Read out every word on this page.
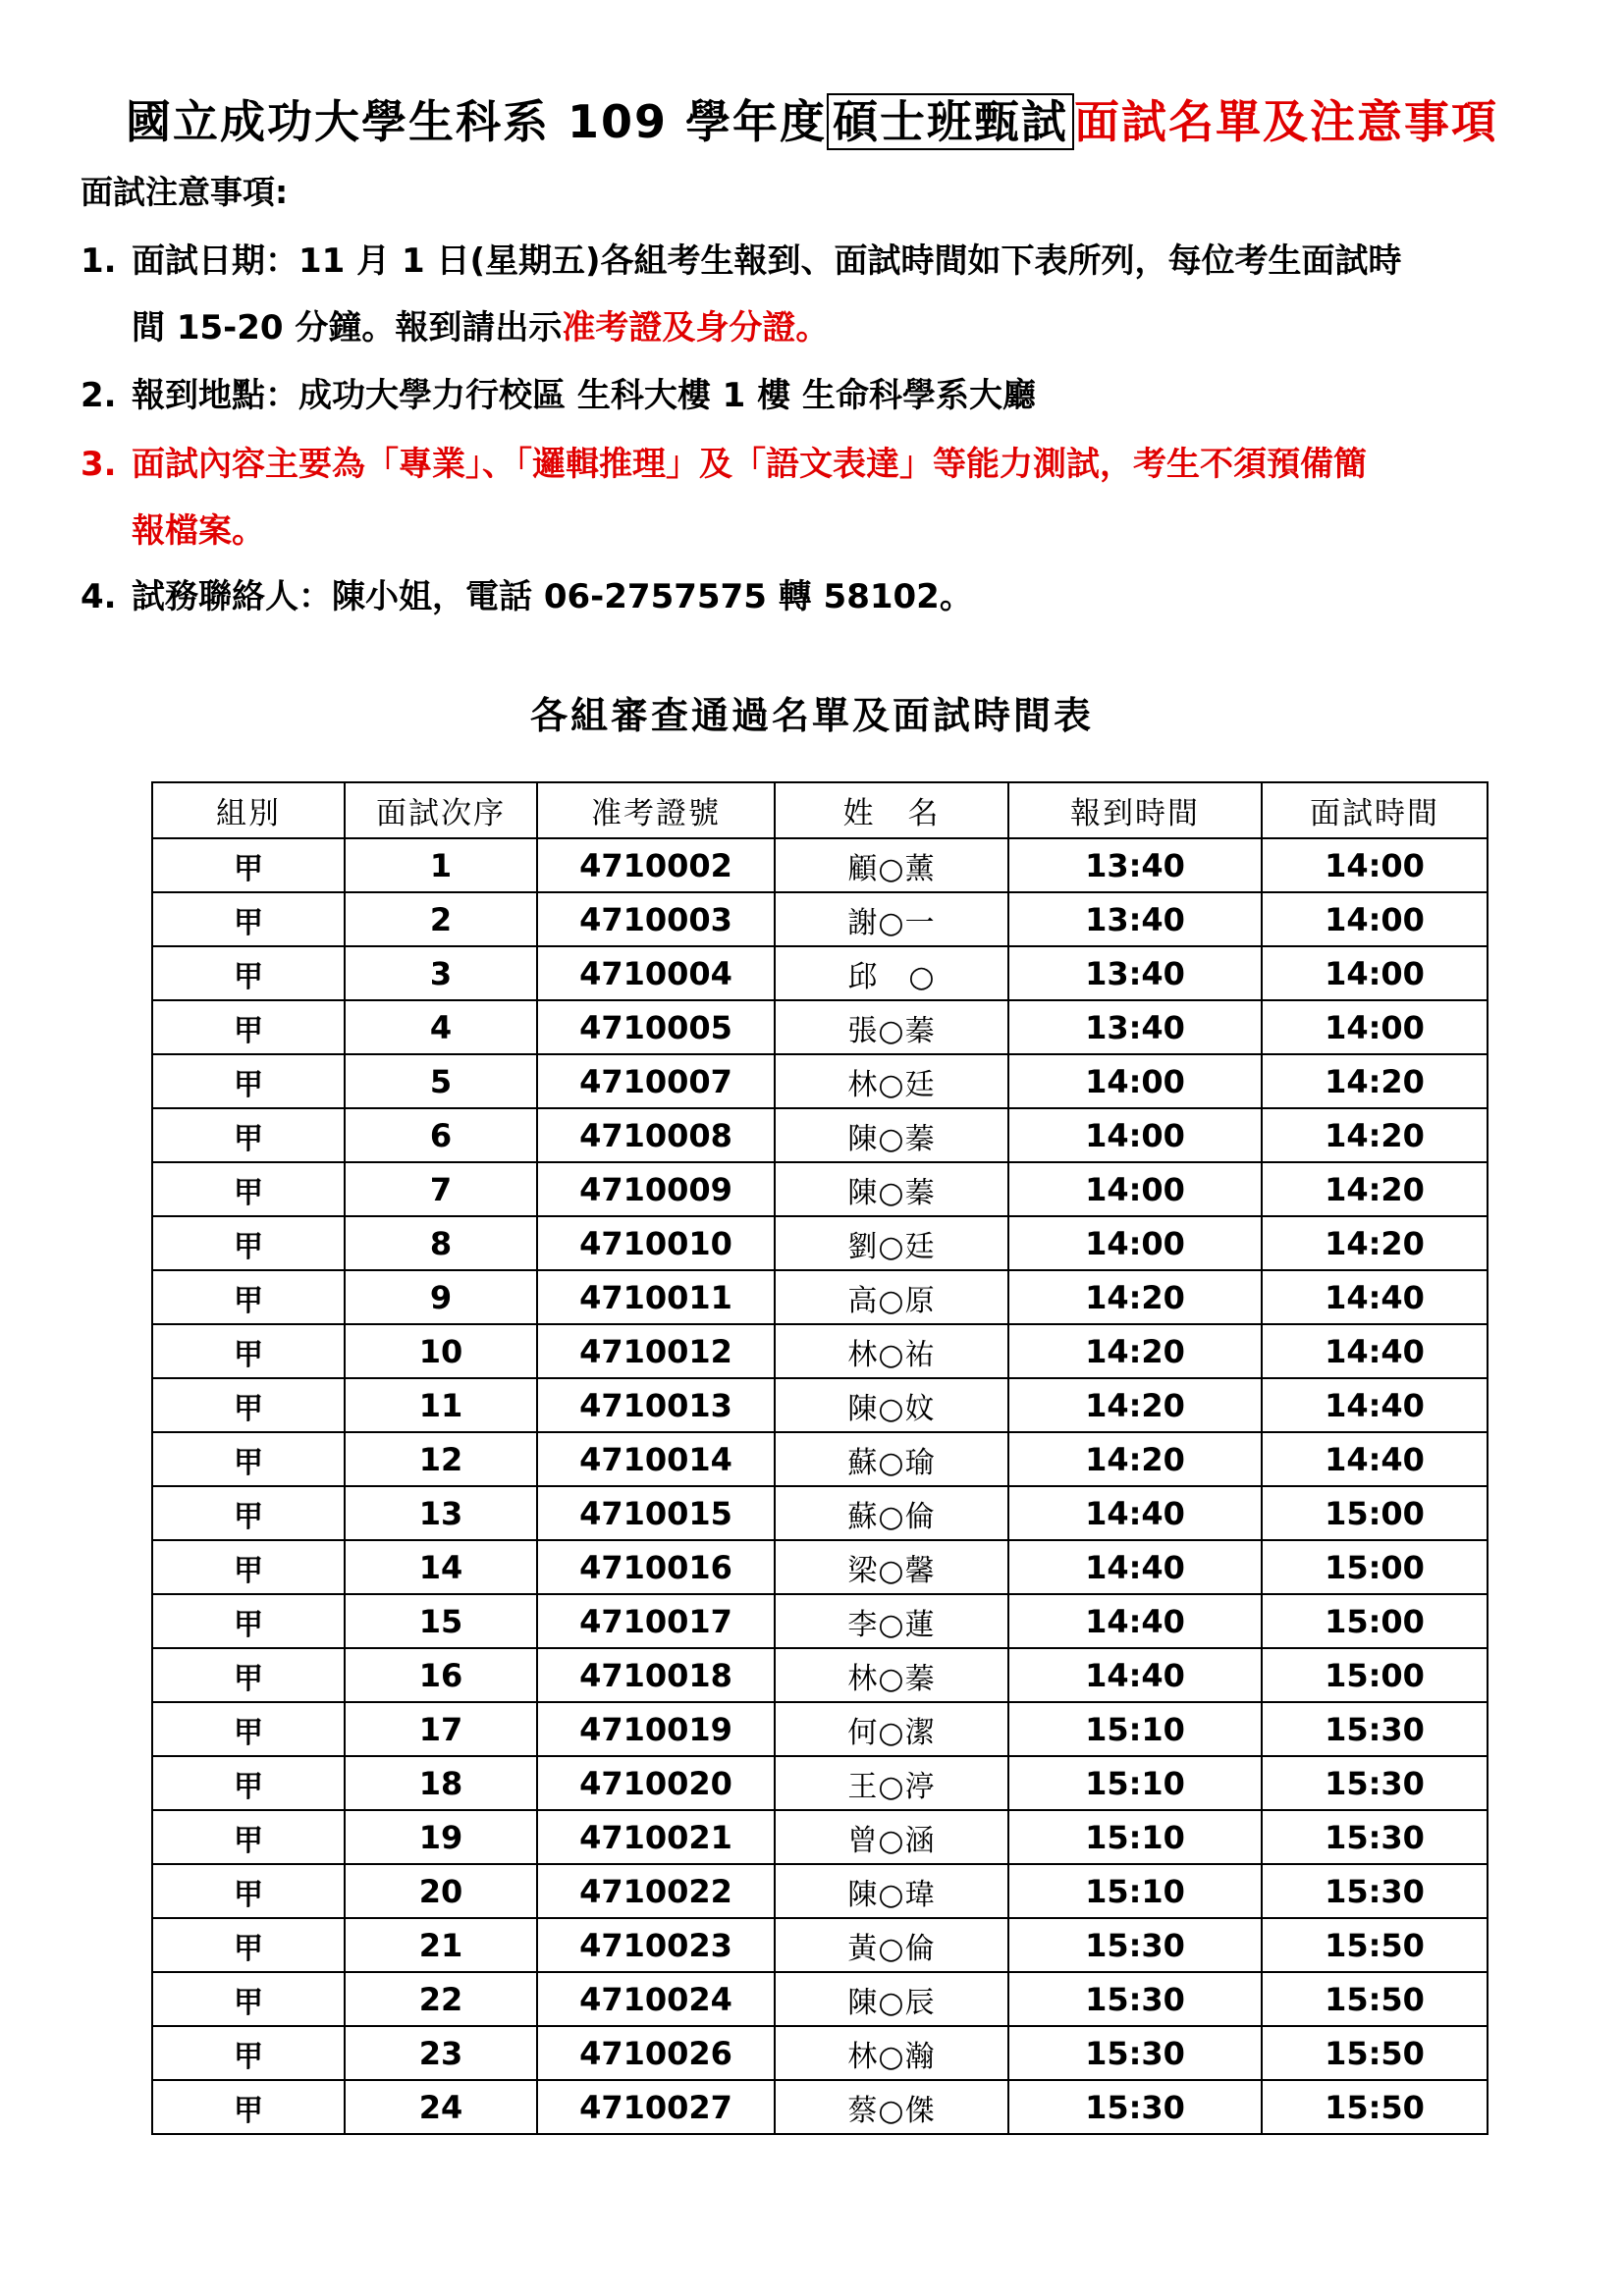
國立成功大學生科系 109 學年度 碩士班甄試 面試名單及注意事項
面試注意事項:
1. 面試日期：11 月 1 日(星期五)各組考生報到、面試時間如下表所列，每位考生面試時
間 15-20 分鐘。報到請出示准考證及身分證。
2. 報到地點：成功大學力行校區 生科大樓 1 樓 生命科學系大廳
3. 面試內容主要為「專業」、「邏輯推理」及「語文表達」等能力測試，考生不須預備簡
報檔案。
4. 試務聯絡人：陳小姐，電話 06-2757575 轉 58102。
各組審查通過名單及面試時間表
組別	面試次序	准考證號	姓　名	報到時間	面試時間
甲	1	4710002	顧○薰	13:40	14:00
甲	2	4710003	謝○一	13:40	14:00
甲	3	4710004	邱　○	13:40	14:00
甲	4	4710005	張○蓁	13:40	14:00
甲	5	4710007	林○廷	14:00	14:20
甲	6	4710008	陳○蓁	14:00	14:20
甲	7	4710009	陳○蓁	14:00	14:20
甲	8	4710010	劉○廷	14:00	14:20
甲	9	4710011	高○原	14:20	14:40
甲	10	4710012	林○祐	14:20	14:40
甲	11	4710013	陳○妏	14:20	14:40
甲	12	4710014	蘇○瑜	14:20	14:40
甲	13	4710015	蘇○倫	14:40	15:00
甲	14	4710016	梁○馨	14:40	15:00
甲	15	4710017	李○蓮	14:40	15:00
甲	16	4710018	林○蓁	14:40	15:00
甲	17	4710019	何○潔	15:10	15:30
甲	18	4710020	王○渟	15:10	15:30
甲	19	4710021	曾○涵	15:10	15:30
甲	20	4710022	陳○瑋	15:10	15:30
甲	21	4710023	黃○倫	15:30	15:50
甲	22	4710024	陳○辰	15:30	15:50
甲	23	4710026	林○瀚	15:30	15:50
甲	24	4710027	蔡○傑	15:30	15:50
